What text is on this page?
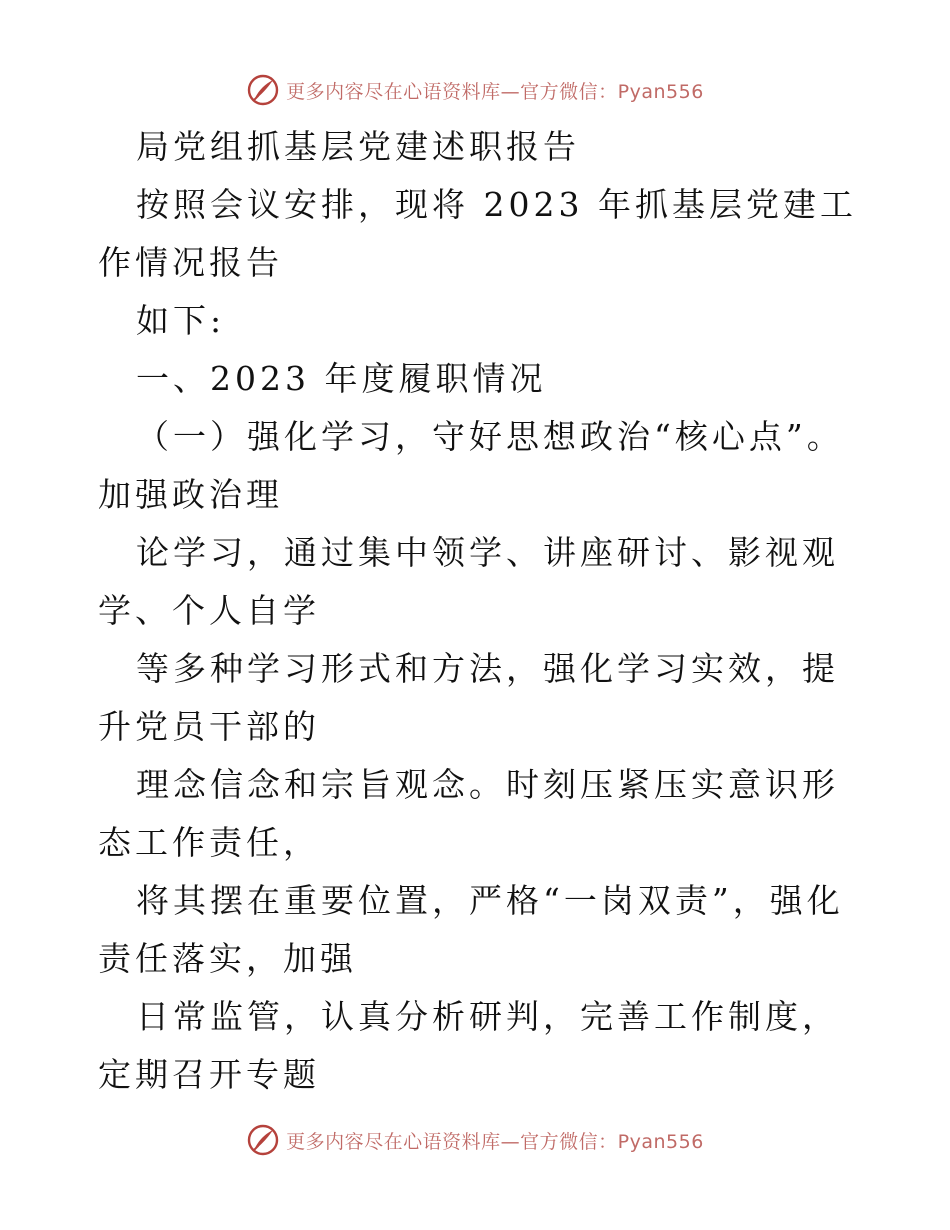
更多内容尽在心语资料库—官方微信：Pyan556

局党组抓基层党建述职报告

按照会议安排，现将 2023 年抓基层党建工作情况报告

如下:

一、2023 年度履职情况

（一）强化学习，守好思想政治“核心点”。加强政治理

论学习，通过集中领学、讲座研讨、影视观学、个人自学

等多种学习形式和方法，强化学习实效，提升党员干部的

理念信念和宗旨观念。时刻压紧压实意识形态工作责任，

将其摆在重要位置，严格“一岗双责”，强化责任落实，加强

日常监管，认真分析研判，完善工作制度，定期召开专题

更多内容尽在心语资料库—官方微信：Pyan556
